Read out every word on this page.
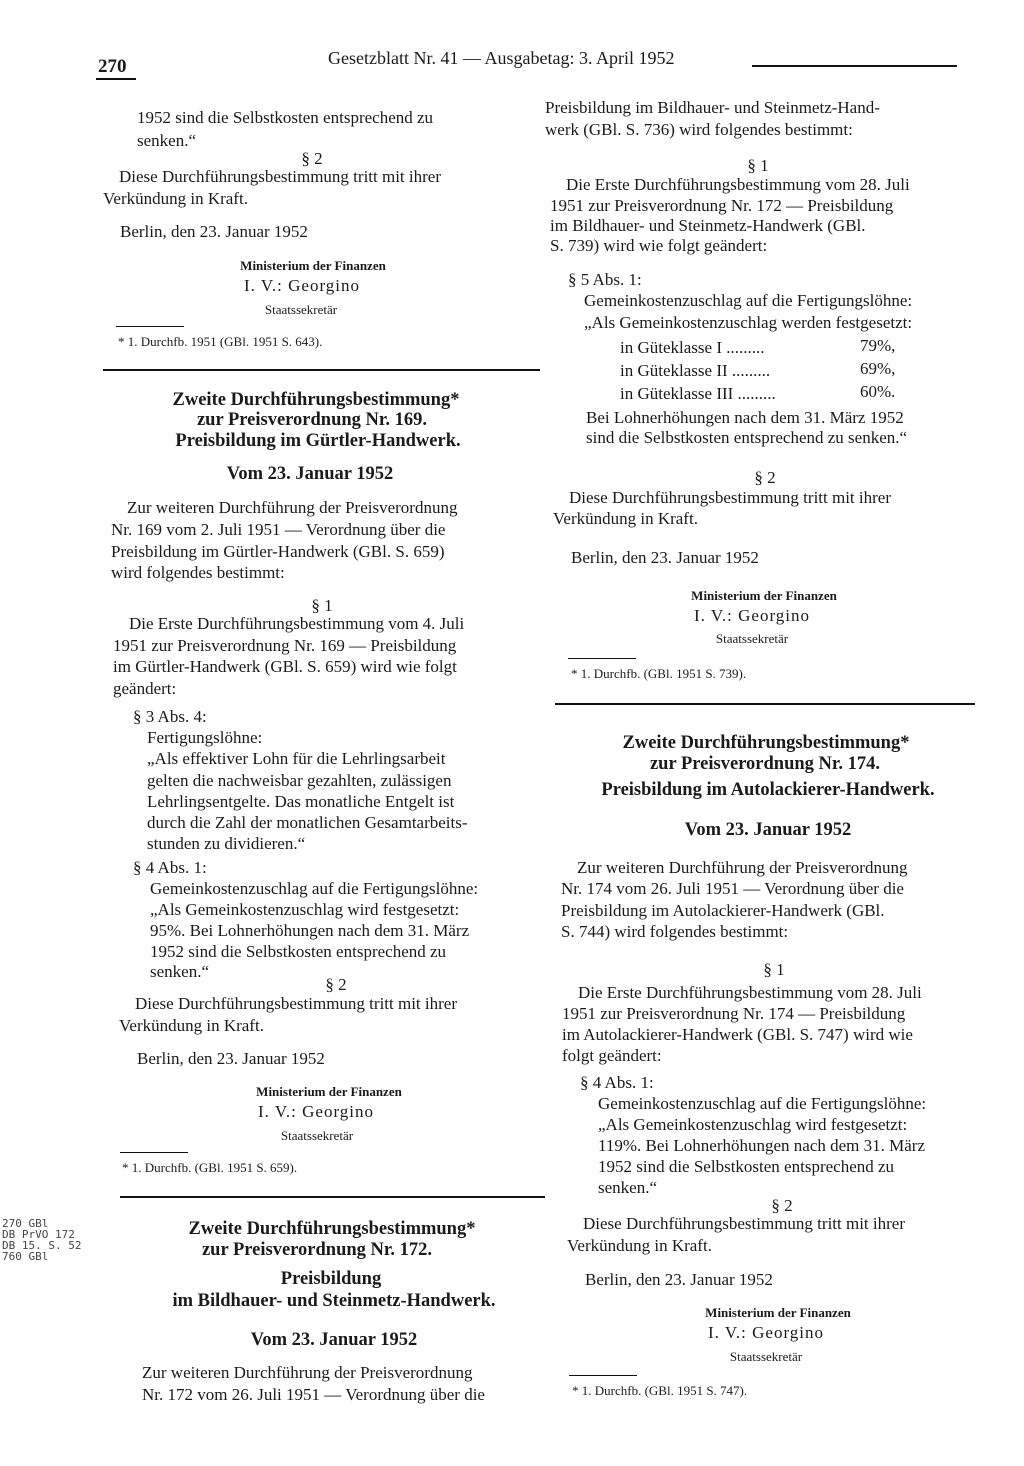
270	Gesetzblatt Nr. 41 — Ausgabetag: 3. April 1952
1952 sind die Selbstkosten entsprechend zu
senken.“
§ 2
Diese Durchführungsbestimmung tritt mit ihrer
Verkündung in Kraft.
Berlin, den 23. Januar 1952
Ministerium der Finanzen
I. V.: Georgino
Staatssekretär
* 1. Durchfb. 1951 (GBl. 1951 S. 643).
Zweite Durchführungsbestimmung*
zur Preisverordnung Nr. 169.
Preisbildung im Gürtler-Handwerk.
Vom 23. Januar 1952
Zur weiteren Durchführung der Preisverordnung
Nr. 169 vom 2. Juli 1951 — Verordnung über die
Preisbildung im Gürtler-Handwerk (GBl. S. 659)
wird folgendes bestimmt:
§ 1
Die Erste Durchführungsbestimmung vom 4. Juli
1951 zur Preisverordnung Nr. 169 — Preisbildung
im Gürtler-Handwerk (GBl. S. 659) wird wie folgt
geändert:
§ 3 Abs. 4:
Fertigungslöhne:
„Als effektiver Lohn für die Lehrlingsarbeit
gelten die nachweisbar gezahlten, zulässigen
Lehrlingsentgelte. Das monatliche Entgelt ist
durch die Zahl der monatlichen Gesamtarbeits-
stunden zu dividieren.“
§ 4 Abs. 1:
Gemeinkostenzuschlag auf die Fertigungslöhne:
„Als Gemeinkostenzuschlag wird festgesetzt:
95%. Bei Lohnerhöhungen nach dem 31. März
1952 sind die Selbstkosten entsprechend zu
senken.“
§ 2
Diese Durchführungsbestimmung tritt mit ihrer
Verkündung in Kraft.
Berlin, den 23. Januar 1952
Ministerium der Finanzen
I. V.: Georgino
Staatssekretär
* 1. Durchfb. (GBl. 1951 S. 659).
Zweite Durchführungsbestimmung*
zur Preisverordnung Nr. 172.
Preisbildung
im Bildhauer- und Steinmetz-Handwerk.
Vom 23. Januar 1952
Zur weiteren Durchführung der Preisverordnung
Nr. 172 vom 26. Juli 1951 — Verordnung über die
270 GBl
DB PrVO 172
DB 15. S. 52
760 GBl
Preisbildung im Bildhauer- und Steinmetz-Hand-
werk (GBl. S. 736) wird folgendes bestimmt:
§ 1
Die Erste Durchführungsbestimmung vom 28. Juli
1951 zur Preisverordnung Nr. 172 — Preisbildung
im Bildhauer- und Steinmetz-Handwerk (GBl.
S. 739) wird wie folgt geändert:
§ 5 Abs. 1:
Gemeinkostenzuschlag auf die Fertigungslöhne:
„Als Gemeinkostenzuschlag werden festgesetzt:
in Güteklasse I .........	79%,
in Güteklasse II .........	69%,
in Güteklasse III .........	60%.
Bei Lohnerhöhungen nach dem 31. März 1952
sind die Selbstkosten entsprechend zu senken.“
§ 2
Diese Durchführungsbestimmung tritt mit ihrer
Verkündung in Kraft.
Berlin, den 23. Januar 1952
Ministerium der Finanzen
I. V.: Georgino
Staatssekretär
* 1. Durchfb. (GBl. 1951 S. 739).
Zweite Durchführungsbestimmung*
zur Preisverordnung Nr. 174.
Preisbildung im Autolackierer-Handwerk.
Vom 23. Januar 1952
Zur weiteren Durchführung der Preisverordnung
Nr. 174 vom 26. Juli 1951 — Verordnung über die
Preisbildung im Autolackierer-Handwerk (GBl.
S. 744) wird folgendes bestimmt:
§ 1
Die Erste Durchführungsbestimmung vom 28. Juli
1951 zur Preisverordnung Nr. 174 — Preisbildung
im Autolackierer-Handwerk (GBl. S. 747) wird wie
folgt geändert:
§ 4 Abs. 1:
Gemeinkostenzuschlag auf die Fertigungslöhne:
„Als Gemeinkostenzuschlag wird festgesetzt:
119%. Bei Lohnerhöhungen nach dem 31. März
1952 sind die Selbstkosten entsprechend zu
senken.“
§ 2
Diese Durchführungsbestimmung tritt mit ihrer
Verkündung in Kraft.
Berlin, den 23. Januar 1952
Ministerium der Finanzen
I. V.: Georgino
Staatssekretär
* 1. Durchfb. (GBl. 1951 S. 747).
